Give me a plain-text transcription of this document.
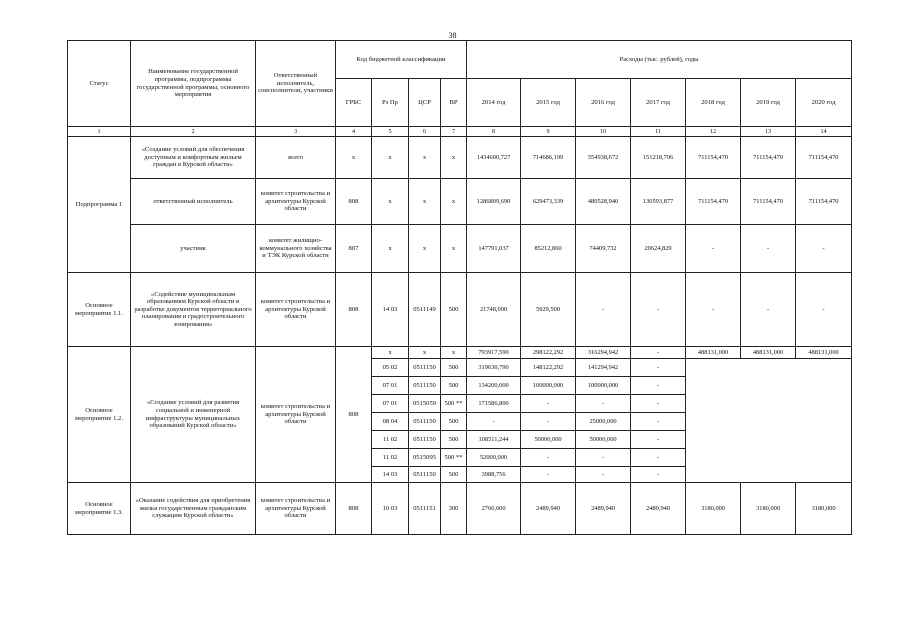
38
Статус	Наименование государственной программы, подпрограммы государственной программы, основного мероприятия	Ответственный исполнитель, соисполнители, участники	Код бюджетной классификации				Расходы (тыс. рублей), годы						
			ГРБС	Рз Пр	ЦСР	ВР	2014 год	2015 год	2016 год	2017 год	2018 год	2019 год	2020 год
1	2	3	4	5	6	7	8	9	10	11	12	13	14
Подпрограмма 1	«Создание условий для обеспечения доступным и комфортным жильем граждан в Курской области»	всего	х	х	х	х	1434600,727	714686,199	554938,672	151218,706	711154,470	711154,470	711154,470
	ответственный исполнитель	комитет строительства и архитектуры Курской области	808	х	х	х	1286809,690	629473,339	480528,940	130593,877	711154,470	711154,470	711154,470
	участник	комитет жилищно-коммунального хозяйства и ТЭК Курской области	807	х	х	х	147791,037	85212,860	74409,732	20624,829	-	-	-
Основное мероприятие 1.1.	«Содействие муниципальным образованиям Курской области в разработке документов территориального планирования и градостроительного зонирования»	комитет строительства и архитектуры Курской области	808	14 03	0511149	500	21748,000	5929,500	-	-	-	-	-
Основное мероприятие 1.2.	«Создание условий для развития социальной и инженерной инфраструктуры муниципальных образований Курской области»	комитет строительства и архитектуры Курской области	808	х	х	х	793917,590	298122,292	316294,942	-	488131,000	488131,000	488131,000
				05 02	0511150	500	319630,790	148122,292	141294,942	-			
				07 01	0511150	500	134200,000	100000,000	100000,000	-			
				07 01	0515059	500 **	171586,800	-	-	-			
				08 04	0511150	500	-	-	25000,000	-			
				11 02	0511150	500	108511,244	50000,000	50000,000	-			
				11 02	0515095	500 **	52000,000	-	-	-			
				14 03	0511150	500	3988,756	-	-	-			
Основное мероприятие 1.3.	«Оказание содействия для приобретения жилья государственным гражданским служащим Курской области»	комитет строительства и архитектуры Курской области	808	10 03	0511151	300	2766,600	2489,940	2489,940	2489,940	3180,000	3180,000	3180,000
